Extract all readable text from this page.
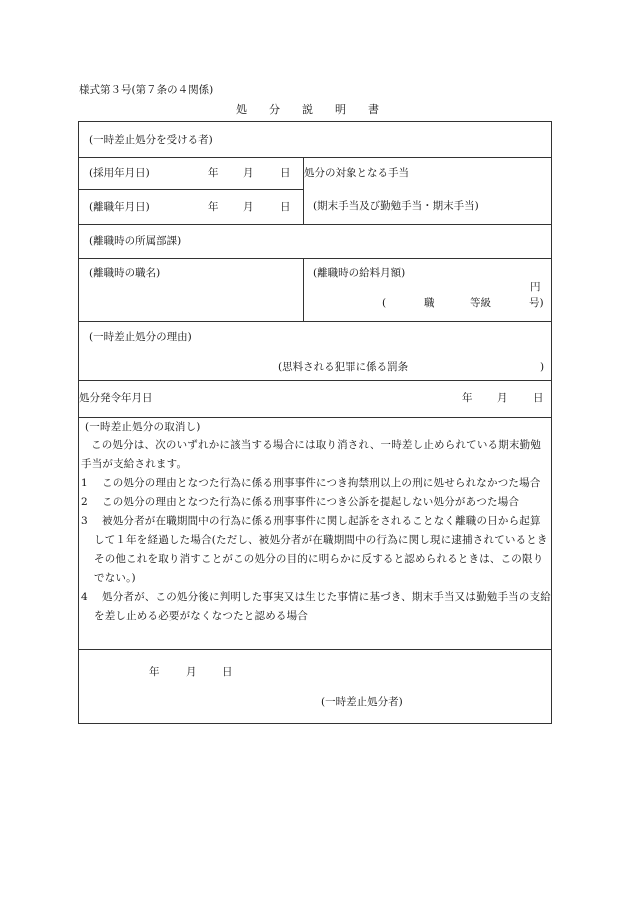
様式第３号(第７条の４関係)
処　　分　　説　　明　　書
(一時差止処分を受ける者)
(採用年月日)	年 月	日 処分の対象となる手当
(離職年月日)	年 月	日 (期末手当及び勤勉手当・期末手当)
(離職時の所属部課)
(離職時の職名)	(離職時の給料月額)
円
(	職	等級	号)
(一時差止処分の理由)
(思料される犯罪に係る罰条	)
処分発令年月日	年 月 日
(一時差止処分の取消し)
この処分は、次のいずれかに該当する場合には取り消され、一時差し止められている期末勤勉手当が支給されます。
1 この処分の理由となつた行為に係る刑事事件につき拘禁刑以上の刑に処せられなかつた場合
2 この処分の理由となつた行為に係る刑事事件につき公訴を提起しない処分があつた場合
3 被処分者が在職期間中の行為に係る刑事事件に関し起訴をされることなく離職の日から起算して１年を経過した場合(ただし、被処分者が在職期間中の行為に関し現に逮捕されているときその他これを取り消すことがこの処分の目的に明らかに反すると認められるときは、この限りでない。)
4 処分者が、この処分後に判明した事実又は生じた事情に基づき、期末手当又は勤勉手当の支給を差し止める必要がなくなつたと認める場合
年	月 日
(一時差止処分者)
